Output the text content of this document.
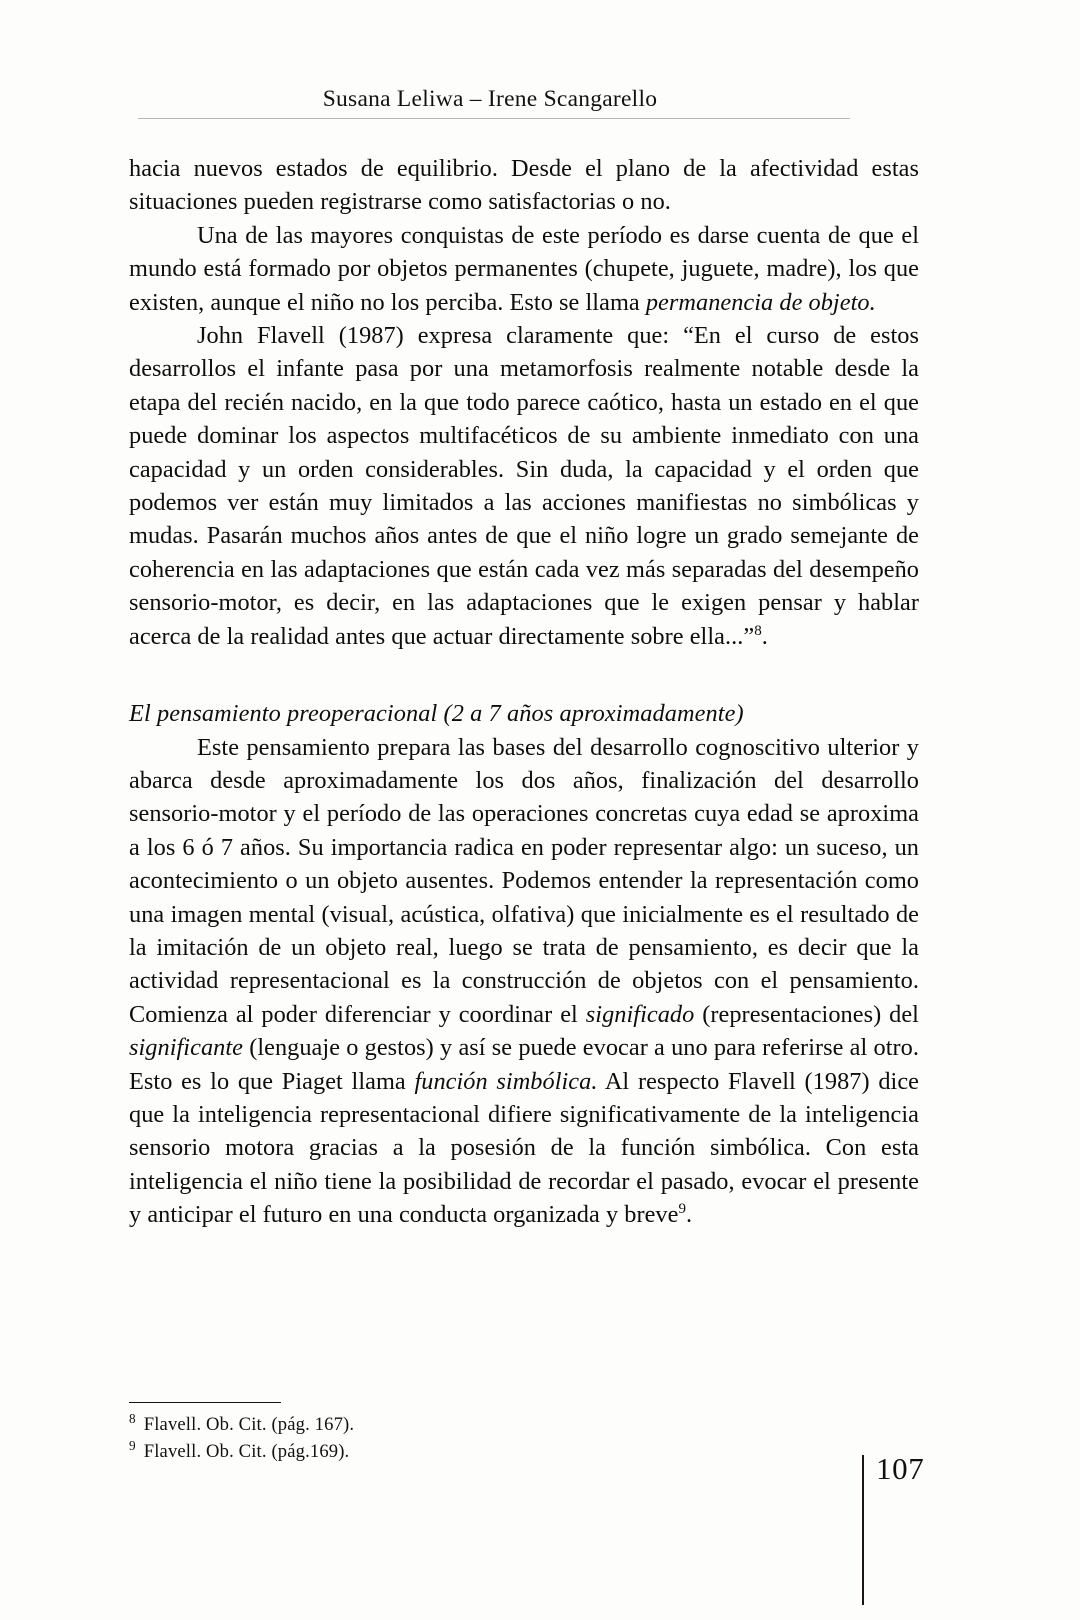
Susana Leliwa – Irene Scangarello

hacia nuevos estados de equilibrio. Desde el plano de la afectividad estas situaciones pueden registrarse como satisfactorias o no.

Una de las mayores conquistas de este período es darse cuenta de que el mundo está formado por objetos permanentes (chupete, juguete, madre), los que existen, aunque el niño no los perciba. Esto se llama permanencia de objeto.

John Flavell (1987) expresa claramente que: “En el curso de estos desarrollos el infante pasa por una metamorfosis realmente notable desde la etapa del recién nacido, en la que todo parece caótico, hasta un estado en el que puede dominar los aspectos multifacéticos de su ambiente inmediato con una capacidad y un orden considerables. Sin duda, la capacidad y el orden que podemos ver están muy limitados a las acciones manifiestas no simbólicas y mudas. Pasarán muchos años antes de que el niño logre un grado semejante de coherencia en las adaptaciones que están cada vez más separadas del desempeño sensorio-motor, es decir, en las adaptaciones que le exigen pensar y hablar acerca de la realidad antes que actuar directamente sobre ella...”$^8$.

El pensamiento preoperacional (2 a 7 años aproximadamente)

Este pensamiento prepara las bases del desarrollo cognoscitivo ulterior y abarca desde aproximadamente los dos años, finalización del desarrollo sensorio-motor y el período de las operaciones concretas cuya edad se aproxima a los 6 ó 7 años. Su importancia radica en poder representar algo: un suceso, un acontecimiento o un objeto ausentes. Podemos entender la representación como una imagen mental (visual, acústica, olfativa) que inicialmente es el resultado de la imitación de un objeto real, luego se trata de pensamiento, es decir que la actividad representacional es la construcción de objetos con el pensamiento. Comienza al poder diferenciar y coordinar el significado (representaciones) del significante (lenguaje o gestos) y así se puede evocar a uno para referirse al otro. Esto es lo que Piaget llama función simbólica. Al respecto Flavell (1987) dice que la inteligencia representacional difiere significativamente de la inteligencia sensorio motora gracias a la posesión de la función simbólica. Con esta inteligencia el niño tiene la posibilidad de recordar el pasado, evocar el presente y anticipar el futuro en una conducta organizada y breve$^9$.

$^8$ Flavell. Ob. Cit. (pág. 167).
$^9$ Flavell. Ob. Cit. (pág.169).	107
